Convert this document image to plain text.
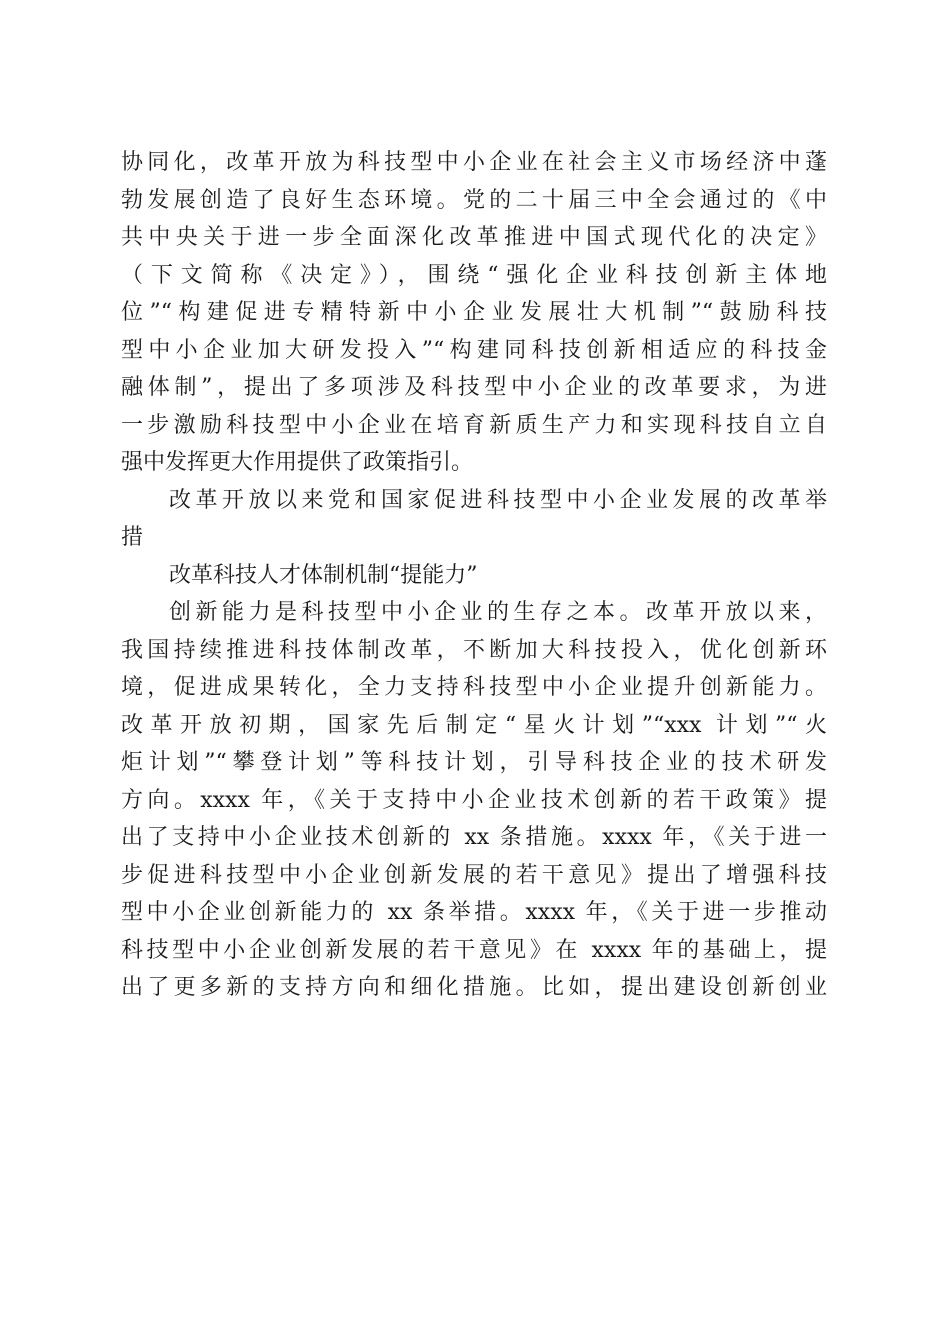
协同化，改革开放为科技型中小企业在社会主义市场经济中蓬
勃发展创造了良好生态环境。党的二十届三中全会通过的《中
共中央关于进一步全面深化改革推进中国式现代化的决定》
（下文简称《决定》），围绕“强化企业科技创新主体地
位”“构建促进专精特新中小企业发展壮大机制”“鼓励科技
型中小企业加大研发投入”“构建同科技创新相适应的科技金
融体制”，提出了多项涉及科技型中小企业的改革要求，为进
一步激励科技型中小企业在培育新质生产力和实现科技自立自
强中发挥更大作用提供了政策指引。
改革开放以来党和国家促进科技型中小企业发展的改革举
措
改革科技人才体制机制“提能力”
创新能力是科技型中小企业的生存之本。改革开放以来，
我国持续推进科技体制改革，不断加大科技投入，优化创新环
境，促进成果转化，全力支持科技型中小企业提升创新能力。
改革开放初期，国家先后制定“星火计划”“xxx 计划”“火
炬计划”“攀登计划”等科技计划，引导科技企业的技术研发
方向。xxxx 年，《关于支持中小企业技术创新的若干政策》提
出了支持中小企业技术创新的 xx 条措施。xxxx 年，《关于进一
步促进科技型中小企业创新发展的若干意见》提出了增强科技
型中小企业创新能力的 xx 条举措。xxxx 年，《关于进一步推动
科技型中小企业创新发展的若干意见》在 xxxx 年的基础上，提
出了更多新的支持方向和细化措施。比如，提出建设创新创业
